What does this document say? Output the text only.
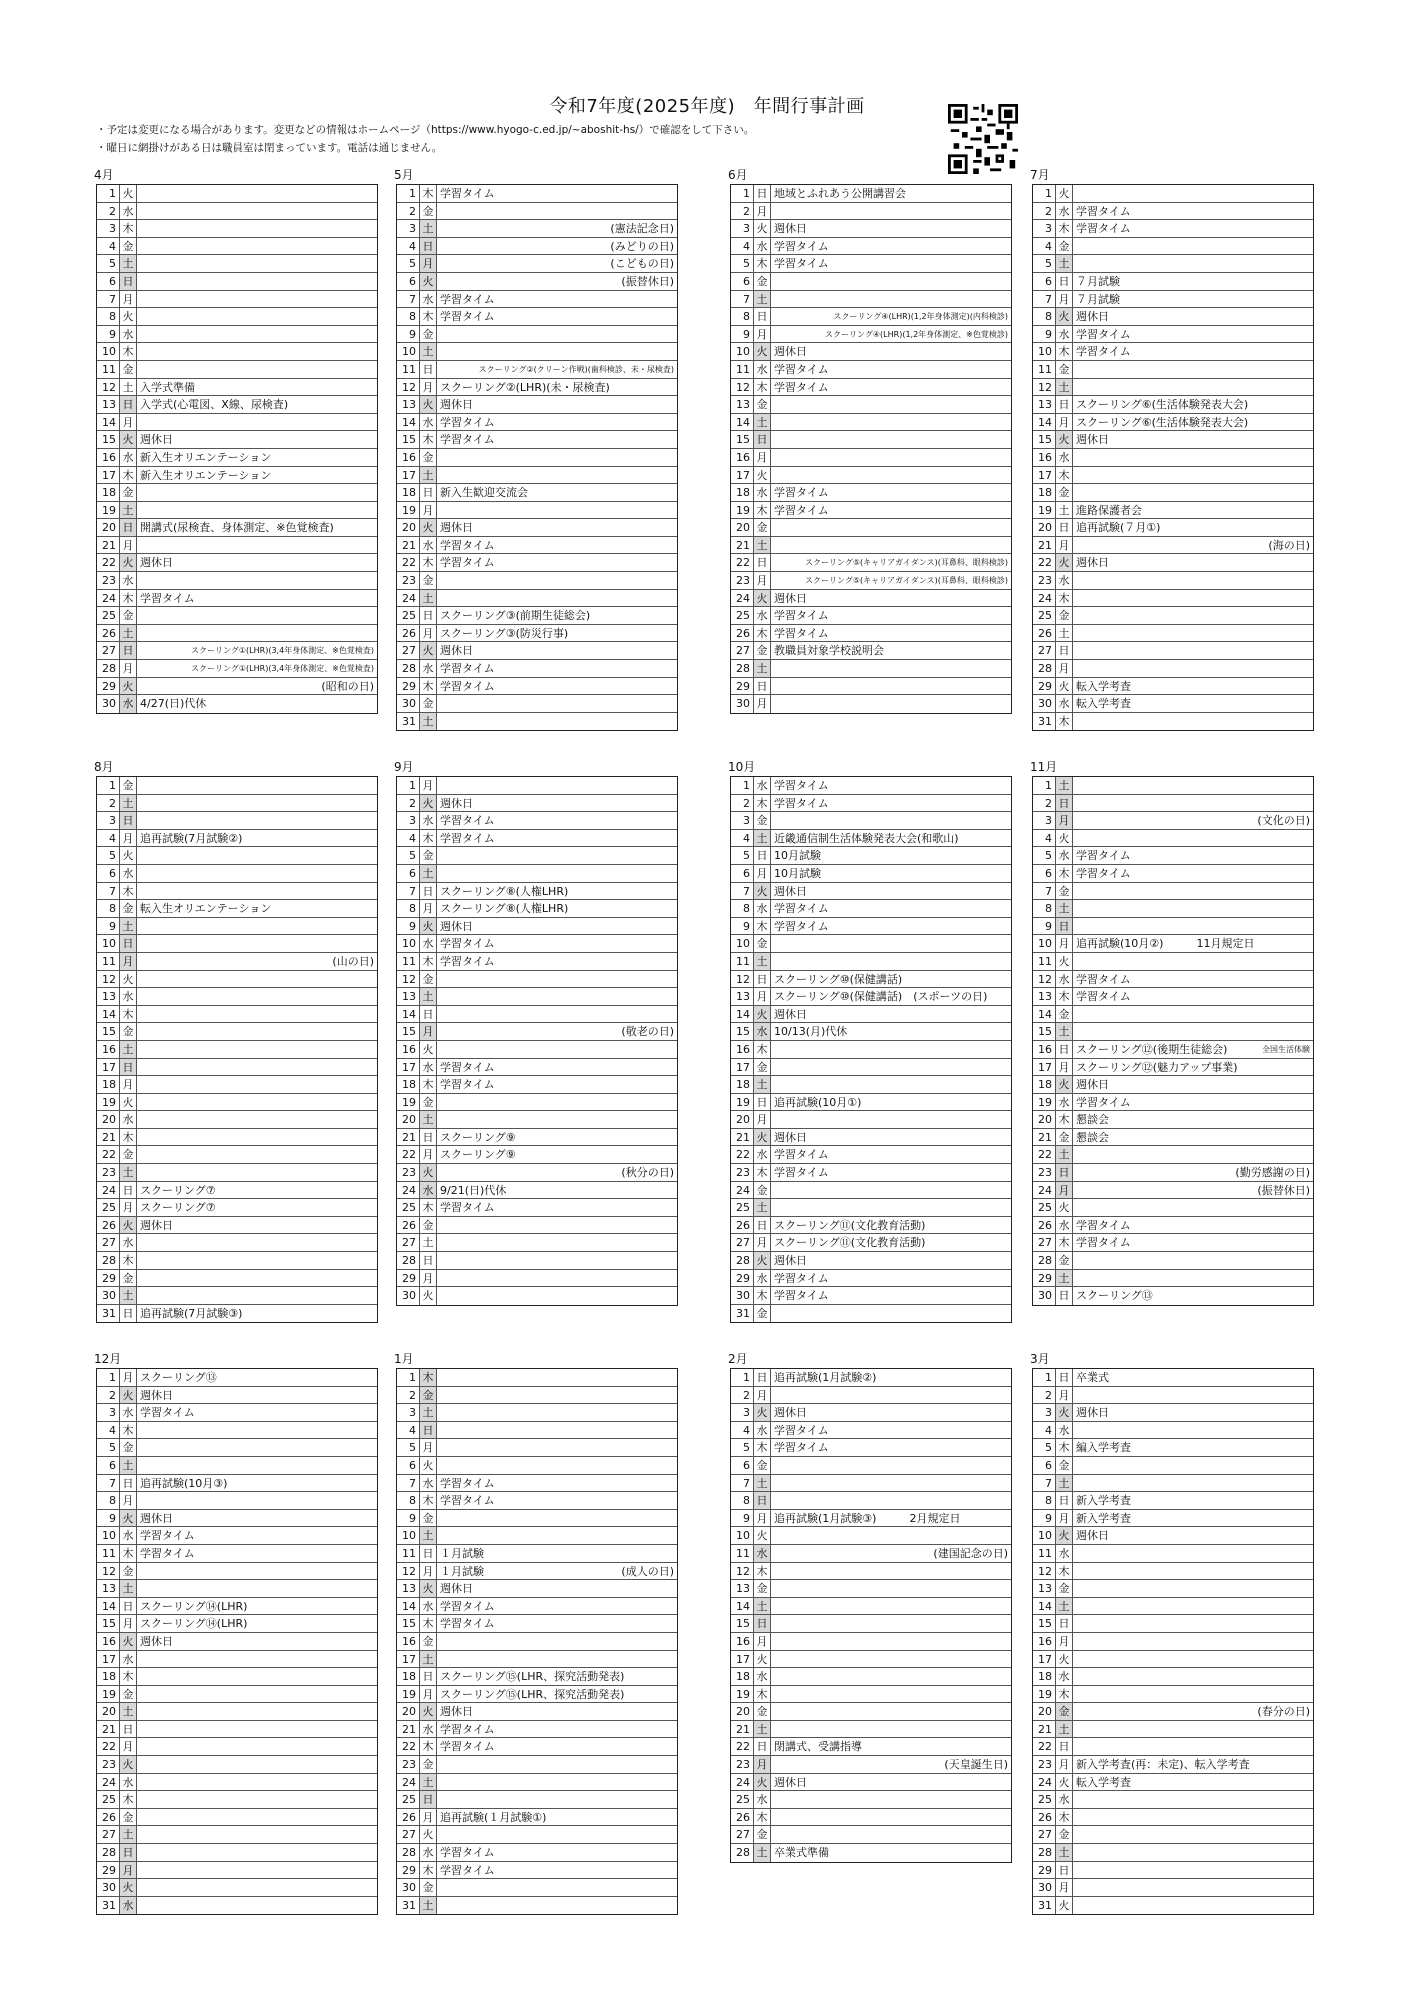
令和7年度(2025年度)　年間行事計画
・予定は変更になる場合があります。変更などの情報はホームページ（https://www.hyogo-c.ed.jp/~aboshit-hs/）で確認をして下さい。
・曜日に網掛けがある日は職員室は閉まっています。電話は通じません。
4月
1 火
2 水
3 木
4 金
5 土
6 日
7 月
8 火
9 水
10 木
11 金
12 土 入学式準備
13 日 入学式(心電図、X線、尿検査)
14 月
15 火 週休日
16 水 新入生オリエンテーション
17 木 新入生オリエンテーション
18 金
19 土
20 日 開講式(尿検査、身体測定、※色覚検査)
21 月
22 火 週休日
23 水
24 木 学習タイム
25 金
26 土
27 日	スクーリング①(LHR)(3,4年身体測定、※色覚検査)
28 月	スクーリング①(LHR)(3,4年身体測定、※色覚検査)
29 火	(昭和の日)
30 水 4/27(日)代休
5月
1 木 学習タイム
2 金
3 土	(憲法記念日)
4 日	(みどりの日)
5 月	(こどもの日)
6 火	(振替休日)
7 水 学習タイム
8 木 学習タイム
9 金
10 土
11 日	スクーリング②(クリーン作戦)(歯科検診、未・尿検査)
12 月 スクーリング②(LHR)(未・尿検査)
13 火 週休日
14 水 学習タイム
15 木 学習タイム
16 金
17 土
18 日 新入生歓迎交流会
19 月
20 火 週休日
21 水 学習タイム
22 木 学習タイム
23 金
24 土
25 日 スクーリング③(前期生徒総会)
26 月 スクーリング③(防災行事)
27 火 週休日
28 水 学習タイム
29 木 学習タイム
30 金
31 土
6月
1 日 地域とふれあう公開講習会
2 月
3 火 週休日
4 水 学習タイム
5 木 学習タイム
6 金
7 土
8 日	スクーリング④(LHR)(1,2年身体測定)(内科検診)
9 月	スクーリング④(LHR)(1,2年身体測定、※色覚検診)
10 火 週休日
11 水 学習タイム
12 木 学習タイム
13 金
14 土
15 日
16 月
17 火
18 水 学習タイム
19 木 学習タイム
20 金
21 土
22 日	スクーリング⑤(キャリアガイダンス)(耳鼻科、眼科検診)
23 月	スクーリング⑤(キャリアガイダンス)(耳鼻科、眼科検診)
24 火 週休日
25 水 学習タイム
26 木 学習タイム
27 金 教職員対象学校説明会
28 土
29 日
30 月
7月
1 火
2 水 学習タイム
3 木 学習タイム
4 金
5 土
6 日 ７月試験
7 月 ７月試験
8 火 週休日
9 水 学習タイム
10 木 学習タイム
11 金
12 土
13 日 スクーリング⑥(生活体験発表大会)
14 月 スクーリング⑥(生活体験発表大会)
15 火 週休日
16 水
17 木
18 金
19 土 進路保護者会
20 日 追再試験(７月①)
21 月	(海の日)
22 火 週休日
23 水
24 木
25 金
26 土
27 日
28 月
29 火 転入学考査
30 水 転入学考査
31 木
8月
1 金
2 土
3 日
4 月 追再試験(7月試験②)
5 火
6 水
7 木
8 金 転入生オリエンテーション
9 土
10 日
11 月	(山の日)
12 火
13 水
14 木
15 金
16 土
17 日
18 月
19 火
20 水
21 木
22 金
23 土
24 日 スクーリング⑦
25 月 スクーリング⑦
26 火 週休日
27 水
28 木
29 金
30 土
31 日 追再試験(7月試験③)
9月
1 月
2 火 週休日
3 水 学習タイム
4 木 学習タイム
5 金
6 土
7 日 スクーリング⑧(人権LHR)
8 月 スクーリング⑧(人権LHR)
9 火 週休日
10 水 学習タイム
11 木 学習タイム
12 金
13 土
14 日
15 月	(敬老の日)
16 火
17 水 学習タイム
18 木 学習タイム
19 金
20 土
21 日 スクーリング⑨
22 月 スクーリング⑨
23 火	(秋分の日)
24 水 9/21(日)代休
25 木 学習タイム
26 金
27 土
28 日
29 月
30 火
10月
1 水 学習タイム
2 木 学習タイム
3 金
4 土 近畿通信制生活体験発表大会(和歌山)
5 日 10月試験
6 月 10月試験
7 火 週休日
8 水 学習タイム
9 木 学習タイム
10 金
11 土
12 日 スクーリング⑩(保健講話)
13 月 スクーリング⑩(保健講話)　(スポーツの日)
14 火 週休日
15 水 10/13(月)代休
16 木
17 金
18 土
19 日 追再試験(10月①)
20 月
21 火 週休日
22 水 学習タイム
23 木 学習タイム
24 金
25 土
26 日 スクーリング⑪(文化教育活動)
27 月 スクーリング⑪(文化教育活動)
28 火 週休日
29 水 学習タイム
30 木 学習タイム
31 金
11月
1 土
2 日
3 月	(文化の日)
4 火
5 水 学習タイム
6 木 学習タイム
7 金
8 土
9 日
10 月 追再試験(10月②)　　　11月規定日
11 火
12 水 学習タイム
13 木 学習タイム
14 金
15 土
16 日 スクーリング⑫(後期生徒総会)	全国生活体験
17 月 スクーリング⑫(魅力アップ事業)
18 火 週休日
19 水 学習タイム
20 木 懇談会
21 金 懇談会
22 土
23 日	(勤労感謝の日)
24 月	(振替休日)
25 火
26 水 学習タイム
27 木 学習タイム
28 金
29 土
30 日 スクーリング⑬
12月
1 月 スクーリング⑬
2 火 週休日
3 水 学習タイム
4 木
5 金
6 土
7 日 追再試験(10月③)
8 月
9 火 週休日
10 水 学習タイム
11 木 学習タイム
12 金
13 土
14 日 スクーリング⑭(LHR)
15 月 スクーリング⑭(LHR)
16 火 週休日
17 水
18 木
19 金
20 土
21 日
22 月
23 火
24 水
25 木
26 金
27 土
28 日
29 月
30 火
31 水
1月
1 木
2 金
3 土
4 日
5 月
6 火
7 水 学習タイム
8 木 学習タイム
9 金
10 土
11 日 １月試験
12 月 １月試験	(成人の日)
13 火 週休日
14 水 学習タイム
15 木 学習タイム
16 金
17 土
18 日 スクーリング⑮(LHR、探究活動発表)
19 月 スクーリング⑮(LHR、探究活動発表)
20 火 週休日
21 水 学習タイム
22 木 学習タイム
23 金
24 土
25 日
26 月 追再試験(１月試験①)
27 火
28 水 学習タイム
29 木 学習タイム
30 金
31 土
2月
1 日 追再試験(1月試験②)
2 月
3 火 週休日
4 水 学習タイム
5 木 学習タイム
6 金
7 土
8 日
9 月 追再試験(1月試験③)　　　2月規定日
10 火
11 水	(建国記念の日)
12 木
13 金
14 土
15 日
16 月
17 火
18 水
19 木
20 金
21 土
22 日 閉講式、受講指導
23 月	(天皇誕生日)
24 火 週休日
25 水
26 木
27 金
28 土 卒業式準備
3月
1 日 卒業式
2 月
3 火 週休日
4 水
5 木 編入学考査
6 金
7 土
8 日 新入学考査
9 月 新入学考査
10 火 週休日
11 水
12 木
13 金
14 土
15 日
16 月
17 火
18 水
19 木
20 金	(春分の日)
21 土
22 日
23 月 新入学考査(再：未定)、転入学考査
24 火 転入学考査
25 水
26 木
27 金
28 土
29 日
30 月
31 火
